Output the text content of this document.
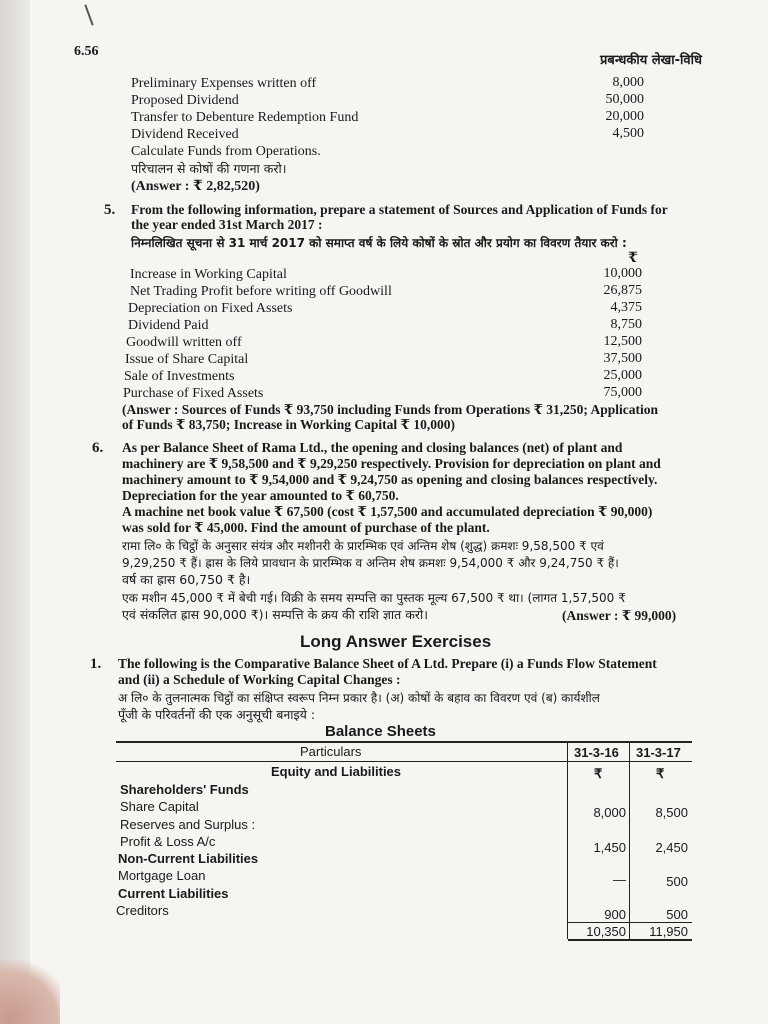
6.56
प्रबन्धकीय लेखा-विधि
Preliminary Expenses written off	8,000
Proposed Dividend	50,000
Transfer to Debenture Redemption Fund	20,000
Dividend Received	4,500
Calculate Funds from Operations.
परिचालन से कोषों की गणना करो।
(Answer : ₹ 2,82,520)
5. From the following information, prepare a statement of Sources and Application of Funds for
the year ended 31st March 2017 :
निम्नलिखित सूचना से 31 मार्च 2017 को समाप्त वर्ष के लिये कोषों के स्रोत और प्रयोग का विवरण तैयार करो :
₹
Increase in Working Capital	10,000
Net Trading Profit before writing off Goodwill	26,875
Depreciation on Fixed Assets	4,375
Dividend Paid	8,750
Goodwill written off	12,500
Issue of Share Capital	37,500
Sale of Investments	25,000
Purchase of Fixed Assets	75,000
(Answer : Sources of Funds ₹ 93,750 including Funds from Operations ₹ 31,250; Application
of Funds ₹ 83,750; Increase in Working Capital ₹ 10,000)
6. As per Balance Sheet of Rama Ltd., the opening and closing balances (net) of plant and
machinery are ₹ 9,58,500 and ₹ 9,29,250 respectively. Provision for depreciation on plant and
machinery amount to ₹ 9,54,000 and ₹ 9,24,750 as opening and closing balances respectively.
Depreciation for the year amounted to ₹ 60,750.
A machine net book value ₹ 67,500 (cost ₹ 1,57,500 and accumulated depreciation ₹ 90,000)
was sold for ₹ 45,000. Find the amount of purchase of the plant.
रामा लि० के चिट्ठों के अनुसार संयंत्र और मशीनरी के प्रारम्भिक एवं अन्तिम शेष (शुद्ध) क्रमशः 9,58,500 ₹ एवं
9,29,250 ₹ हैं। ह्रास के लिये प्रावधान के प्रारम्भिक व अन्तिम शेष क्रमशः 9,54,000 ₹ और 9,24,750 ₹ हैं।
वर्ष का ह्रास 60,750 ₹ है।
एक मशीन 45,000 ₹ में बेची गई। विक्री के समय सम्पत्ति का पुस्तक मूल्य 67,500 ₹ था। (लागत 1,57,500 ₹
एवं संकलित ह्रास 90,000 ₹)। सम्पत्ति के क्रय की राशि ज्ञात करो।	(Answer : ₹ 99,000)
Long Answer Exercises
1. The following is the Comparative Balance Sheet of A Ltd. Prepare (i) a Funds Flow Statement
and (ii) a Schedule of Working Capital Changes :
अ लि० के तुलनात्मक चिट्ठों का संक्षिप्त स्वरूप निम्न प्रकार है। (अ) कोषों के बहाव का विवरण एवं (ब) कार्यशील
पूँजी के परिवर्तनों की एक अनुसूची बनाइये :
Balance Sheets
Particulars	31-3-16 31-3-17
Equity and Liabilities	₹	₹
Shareholders' Funds
Share Capital	8,000	8,500
Reserves and Surplus :
Profit & Loss A/c	1,450	2,450
Non-Current Liabilities
Mortgage Loan	—	500
Current Liabilities
Creditors	900	500
10,350	11,950
